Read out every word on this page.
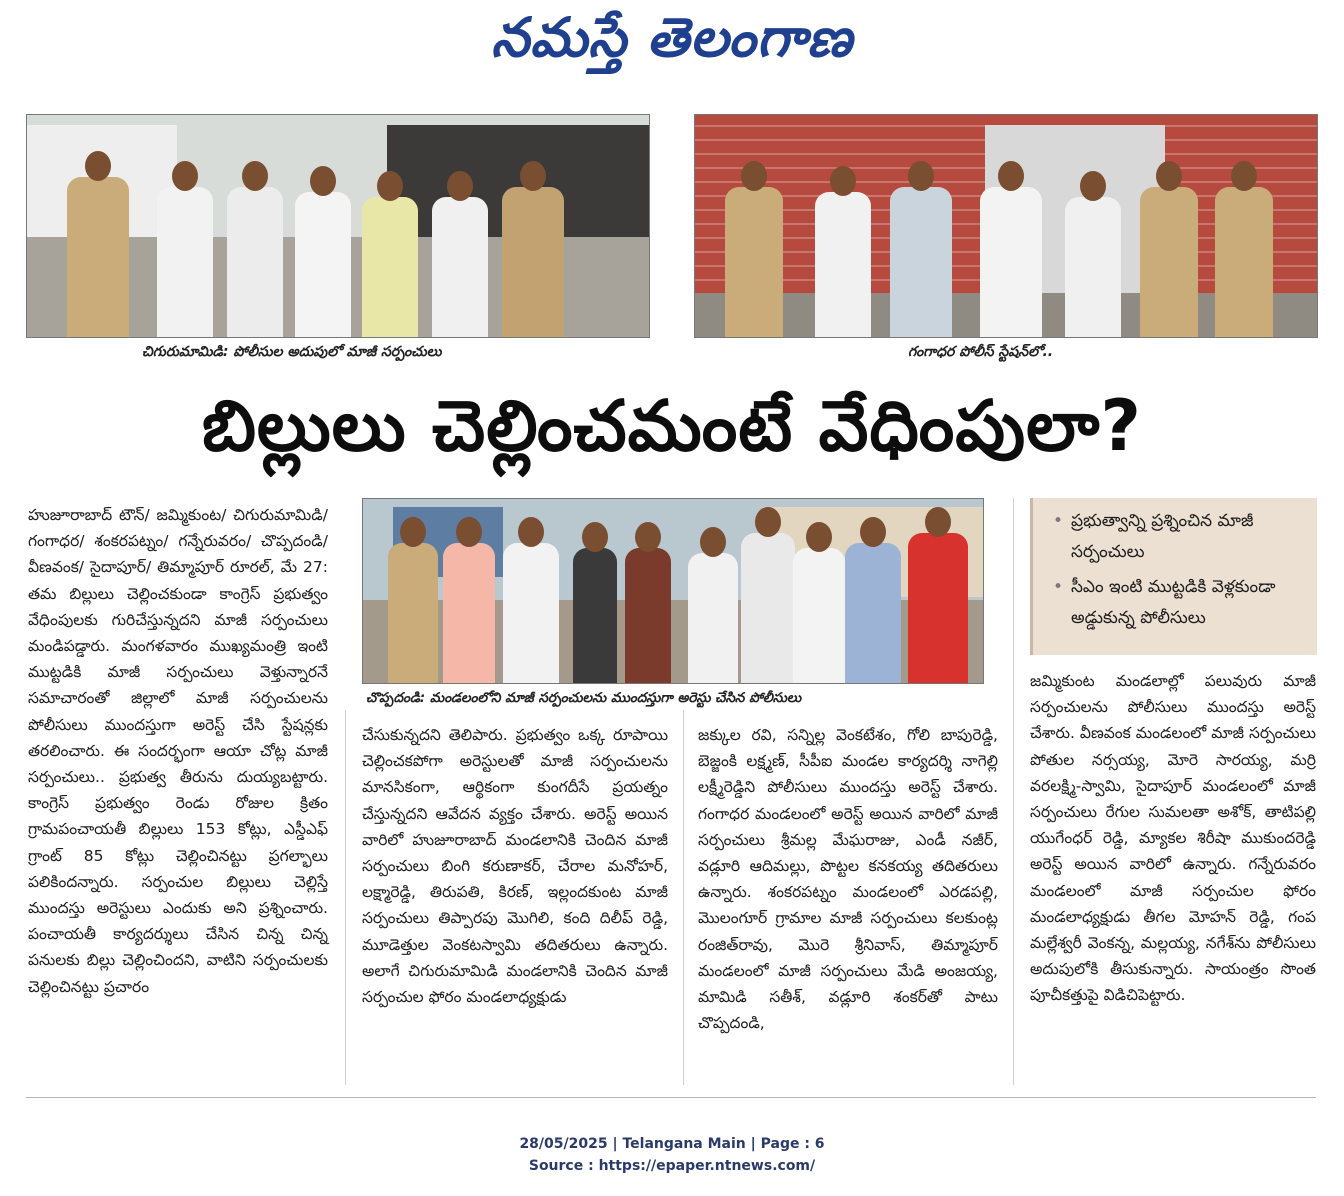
నమస్తే తెలంగాణ
చిగురుమామిడి: పోలీసుల అదుపులో మాజీ సర్పంచులు	గంగాధర పోలీస్ స్టేషన్‌లో..
బిల్లులు చెల్లించమంటే వేధింపులా?
చొప్పదండి: మండలంలోని మాజీ సర్పంచులను ముందస్తుగా అరెస్టు చేసిన పోలీసులు
• ప్రభుత్వాన్ని ప్రశ్నించిన మాజీ సర్పంచులు
• సీఎం ఇంటి ముట్టడికి వెళ్లకుండా అడ్డుకున్న పోలీసులు

హుజూరాబాద్ టౌన్/ జమ్మికుంట/ చిగురుమామిడి/ గంగాధర/ శంకరపట్నం/ గన్నేరువరం/ చొప్పదండి/వీణవంక/ సైదాపూర్/ తిమ్మాపూర్ రూరల్, మే 27: తమ బిల్లులు చెల్లించకుండా కాంగ్రెస్ ప్రభుత్వం వేధింపులకు గురిచేస్తున్నదని మాజీ సర్పంచులు మండిపడ్డారు. మంగళవారం ముఖ్యమంత్రి ఇంటి ముట్టడికి మాజీ సర్పంచులు వెళ్తున్నారనే సమాచారంతో జిల్లాలో మాజీ సర్పంచులను పోలీసులు ముందస్తుగా అరెస్ట్ చేసి స్టేషన్లకు తరలించారు. ఈ సందర్భంగా ఆయా చోట్ల మాజీ సర్పంచులు.. ప్రభుత్వ తీరును దుయ్యబట్టారు. కాంగ్రెస్ ప్రభుత్వం రెండు రోజుల క్రితం గ్రామపంచాయతీ బిల్లులు 153 కోట్లు, ఎస్డీఎఫ్ గ్రాంట్ 85 కోట్లు చెల్లించినట్టు ప్రగల్భాలు పలికిందన్నారు. సర్పంచుల బిల్లులు చెల్లిస్తే ముందస్తు అరెస్టులు ఎందుకు అని ప్రశ్నించారు. పంచాయతీ కార్యదర్శులు చేసిన చిన్న చిన్న పనులకు బిల్లు చెల్లించిందని, వాటిని సర్పంచులకు చెల్లించినట్టు ప్రచారం

చేసుకున్నదని తెలిపారు. ప్రభుత్వం ఒక్క రూపాయి చెల్లించకపోగా అరెస్టులతో మాజీ సర్పంచులను మానసికంగా, ఆర్థికంగా కుంగదీసే ప్రయత్నం చేస్తున్నదని ఆవేదన వ్యక్తం చేశారు. అరెస్ట్ అయిన వారిలో హుజూరాబాద్ మండలానికి చెందిన మాజీ సర్పంచులు బింగి కరుణాకర్, చేరాల మనోహర్, లక్ష్మారెడ్డి, తిరుపతి, కిరణ్, ఇల్లందకుంట మాజీ సర్పంచులు తిప్పారపు మొగిలి, కంది దిలీప్ రెడ్డి, మూడెత్తుల వెంకటస్వామి తదితరులు ఉన్నారు. అలాగే చిగురుమామిడి మండలానికి చెందిన మాజీ సర్పంచుల ఫోరం మండలాధ్యక్షుడు

జక్కుల రవి, సన్నిల్ల వెంకటేశం, గోలి బాపురెడ్డి, బెజ్జంకి లక్ష్మణ్, సీపీఐ మండల కార్యదర్శి నాగెల్లి లక్ష్మీరెడ్డిని పోలీసులు ముందస్తు అరెస్ట్ చేశారు. గంగాధర మండలంలో అరెస్ట్ అయిన వారిలో మాజీ సర్పంచులు శ్రీమల్ల మేఘరాజు, ఎండీ నజీర్, వడ్లూరి ఆదిమల్లు, పొట్టల కనకయ్య తదితరులు ఉన్నారు. శంకరపట్నం మండలంలో ఎరడపల్లి, మొలంగూర్ గ్రామాల మాజీ సర్పంచులు కలకుంట్ల రంజిత్‌రావు, మొరె శ్రీనివాస్, తిమ్మాపూర్ మండలంలో మాజీ సర్పంచులు మేడి అంజయ్య, మామిడి సతీశ్, వడ్లూరి శంకర్‌తో పాటు చొప్పదండి,

జమ్మికుంట మండలాల్లో పలువురు మాజీ సర్పంచులను పోలీసులు ముందస్తు అరెస్ట్ చేశారు. వీణవంక మండలంలో మాజీ సర్పంచులు పోతుల నర్సయ్య, మోరె సారయ్య, మర్రి వరలక్ష్మి-స్వామి, సైదాపూర్ మండలంలో మాజీ సర్పంచులు రేగుల సుమలతా అశోక్, తాటిపల్లి యుగేంధర్ రెడ్డి, మ్యాకల శిరీషా ముకుందరెడ్డి అరెస్ట్ అయిన వారిలో ఉన్నారు. గన్నేరువరం మండలంలో మాజీ సర్పంచుల ఫోరం మండలాధ్యక్షుడు తీగల మోహన్ రెడ్డి, గంప మల్లేశ్వరీ వెంకన్న, మల్లయ్య, నగేశ్‌ను పోలీసులు అదుపులోకి తీసుకున్నారు. సాయంత్రం సొంత పూచీకత్తుపై విడిచిపెట్టారు.

28/05/2025 | Telangana Main | Page : 6
Source : https://epaper.ntnews.com/
